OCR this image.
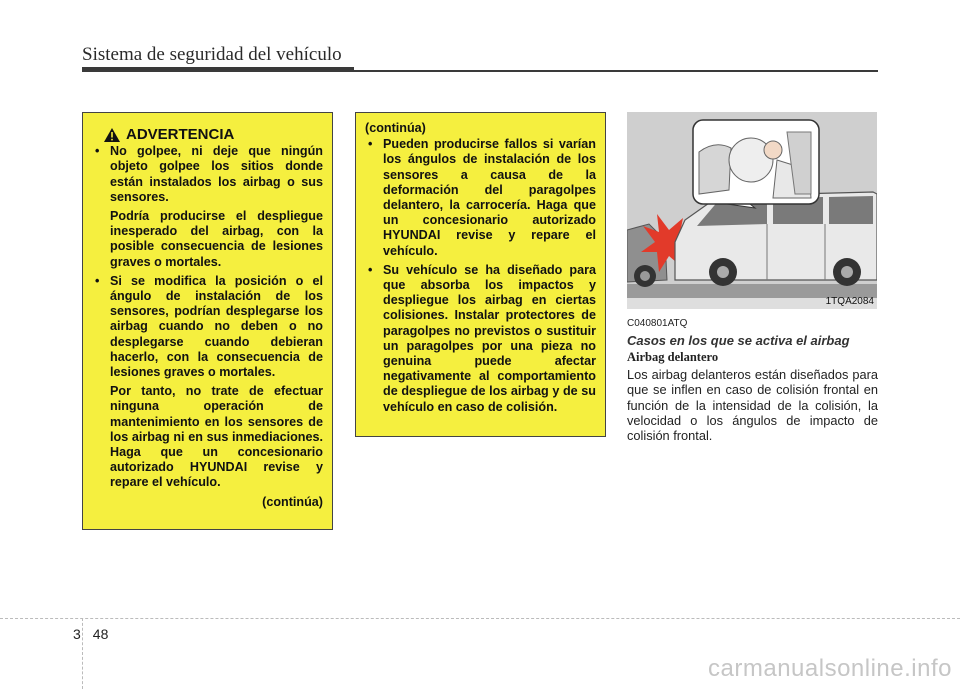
Sistema de seguridad del vehículo
ADVERTENCIA
• No golpee, ni deje que ningún objeto golpee los sitios donde están instalados los airbag o sus sensores.
Podría producirse el despliegue inesperado del airbag, con la posible consecuencia de lesiones graves o mortales.
• Si se modifica la posición o el ángulo de instalación de los sensores, podrían desplegarse los airbag cuando no deben o no desplegarse cuando debieran hacerlo, con la consecuencia de lesiones graves o mortales.
Por tanto, no trate de efectuar ninguna operación de mantenimiento en los sensores de los airbag ni en sus inmediaciones. Haga que un concesionario autorizado HYUNDAI revise y repare el vehículo.
(continúa)
(continúa)
• Pueden producirse fallos si varían los ángulos de instalación de los sensores a causa de la deformación del paragolpes delantero, la carrocería. Haga que un concesionario autorizado HYUNDAI revise y repare el vehículo.
• Su vehículo se ha diseñado para que absorba los impactos y despliegue los airbag en ciertas colisiones. Instalar protectores de paragolpes no previstos o sustituir un paragolpes por una pieza no genuina puede afectar negativamente al comportamiento de despliegue de los airbag y de su vehículo en caso de colisión.
1TQA2084
C040801ATQ
Casos en los que se activa el airbag
Airbag delantero
Los airbag delanteros están diseñados para que se inflen en caso de colisión frontal en función de la intensidad de la colisión, la velocidad o los ángulos de impacto de colisión frontal.
3 48
carmanualsonline.info
